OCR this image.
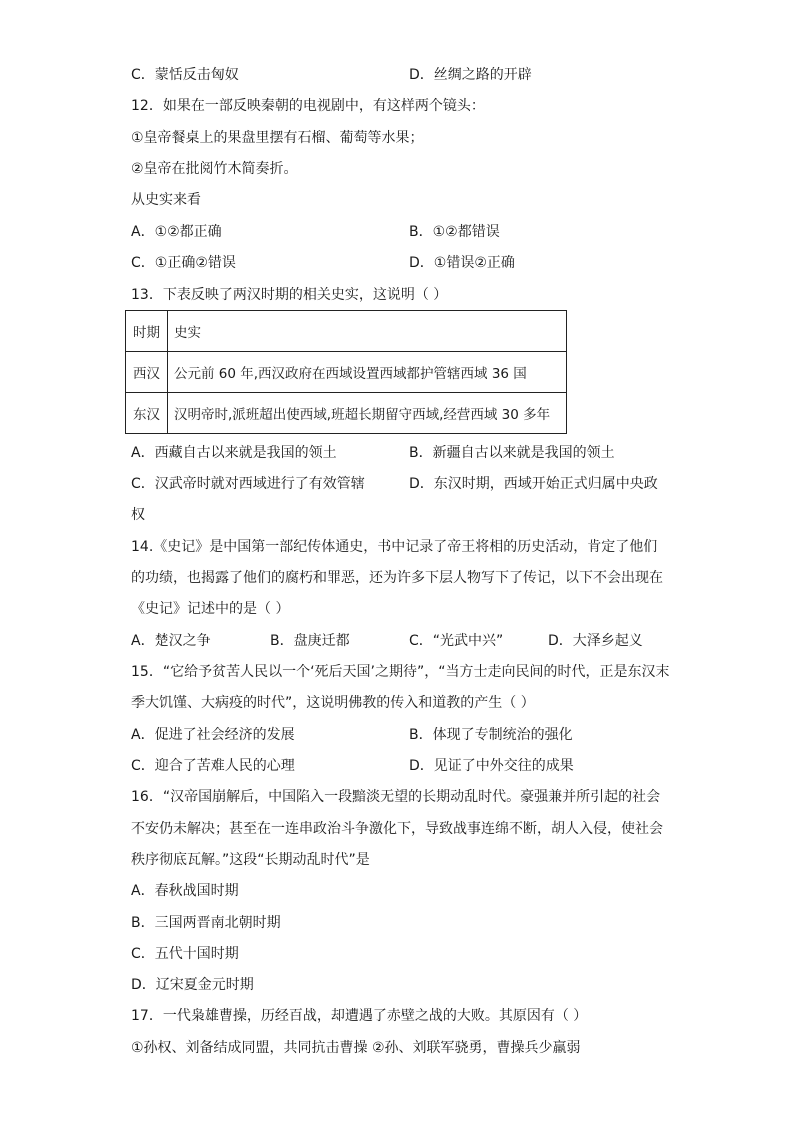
C．蒙恬反击匈奴	D．丝绸之路的开辟
12．如果在一部反映秦朝的电视剧中，有这样两个镜头：
①皇帝餐桌上的果盘里摆有石榴、葡萄等水果；
②皇帝在批阅竹木简奏折。
从史实来看
A．①②都正确	B．①②都错误
C．①正确②错误	D．①错误②正确
13．下表反映了两汉时期的相关史实，这说明（ ）
时期	史实
西汉	公元前 60 年,西汉政府在西域设置西域都护管辖西域 36 国
东汉	汉明帝时,派班超出使西域,班超长期留守西域,经营西域 30 多年
A．西藏自古以来就是我国的领土	B．新疆自古以来就是我国的领土
C．汉武帝时就对西域进行了有效管辖	D．东汉时期，西域开始正式归属中央政
权
14.《史记》是中国第一部纪传体通史，书中记录了帝王将相的历史活动，肯定了他们
的功绩，也揭露了他们的腐朽和罪恶，还为许多下层人物写下了传记，以下不会出现在
《史记》记述中的是（ ）
A．楚汉之争	B．盘庚迁都	C．“光武中兴”	D．大泽乡起义
15．“它给予贫苦人民以一个‘死后天国’之期待”，“当方士走向民间的时代，正是东汉末
季大饥馑、大病疫的时代”，这说明佛教的传入和道教的产生（ ）
A．促进了社会经济的发展	B．体现了专制统治的强化
C．迎合了苦难人民的心理	D．见证了中外交往的成果
16．“汉帝国崩解后，中国陷入一段黯淡无望的长期动乱时代。豪强兼并所引起的社会
不安仍未解决；甚至在一连串政治斗争激化下，导致战事连绵不断，胡人入侵，使社会
秩序彻底瓦解。”这段“长期动乱时代”是
A．春秋战国时期
B．三国两晋南北朝时期
C．五代十国时期
D．辽宋夏金元时期
17．一代枭雄曹操，历经百战，却遭遇了赤壁之战的大败。其原因有（ ）
①孙权、刘备结成同盟，共同抗击曹操 ②孙、刘联军骁勇，曹操兵少羸弱
